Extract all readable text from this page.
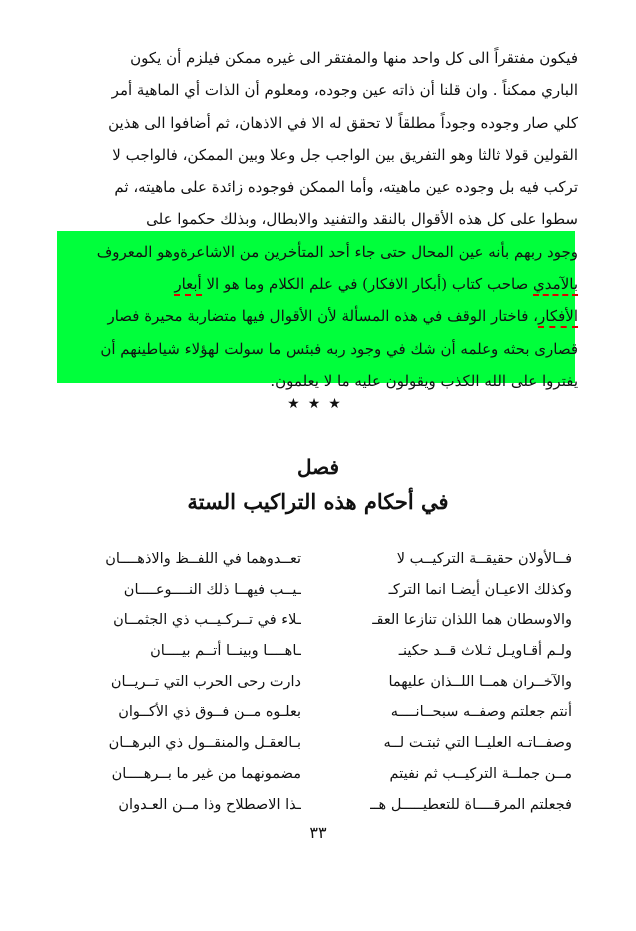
فيكون مفتقراً الى كل واحد منها والمفتقر الى غيره ممكن فيلزم أن يكون
الباري ممكناً . وان قلنا أن ذاته عين وجوده، ومعلوم أن الذات أي الماهية أمر
كلي صار وجوده وجوداً مطلقاً لا تحقق له الا في الاذهان، ثم أضافوا الى هذين
القولين قولا ثالثا وهو التفريق بين الواجب جل وعلا وبين الممكن، فالواجب لا
تركب فيه بل وجوده عين ماهيته، وأما الممكن فوجوده زائدة على ماهيته، ثم
سطوا على كل هذه الأقوال بالنقد والتفنيد والابطال، وبذلك حكموا على
وجود ربهم بأنه عين المحال حتى جاء أحد المتأخرين من الاشاعرةوهو المعروف
بالآمدي صاحب كتاب (أبكار الافكار) في علم الكلام وما هو الا أبعار
الأفكار، فاختار الوقف في هذه المسألة لأن الأقوال فيها متضاربة محيرة فصار
قصارى بحثه وعلمه أن شك في وجود ربه فبئس ما سولت لهؤلاء شياطينهم أن
يفتروا على الله الكذب ويقولون عليه ما لا يعلمون.
★★★
فصل
في أحكام هذه التراكيب الستة
فــالأولان حقيقــة التركيــب لا
وكذلك الاعيـان أيضـا انما التركـ
والاوسطان هما اللذان تنازعا العقـ
ولـم أقـاويـل ثـلاث قــد حكينـ
والآخــران همــا اللــذان عليهما
أنتم جعلتم وصفــه سبحــانــــه
وصفــاتـه العليــا التي ثبتـت لــه
مــن جملــة التركيــب ثم نفيتم
فجعلتم المرقــــاة للتعطيـــــل هــ
تعــدوهما في اللفــظ والاذهــــان
ـيــب فيهــا ذلك النــــوعــــان
ـلاء في تــركـيــب ذي الجثمــان
ـاهــــا وبينــا أتــم بيــــان
دارت رحى الحرب التي تــريــان
بعلـوه مــن فــوق ذي الأكــوان
بـالعقـل والمنقــول ذي البرهــان
مضمونهما من غير ما بــرهــــان
ـذا الاصطلاح وذا مــن العـدوان
٣٣
